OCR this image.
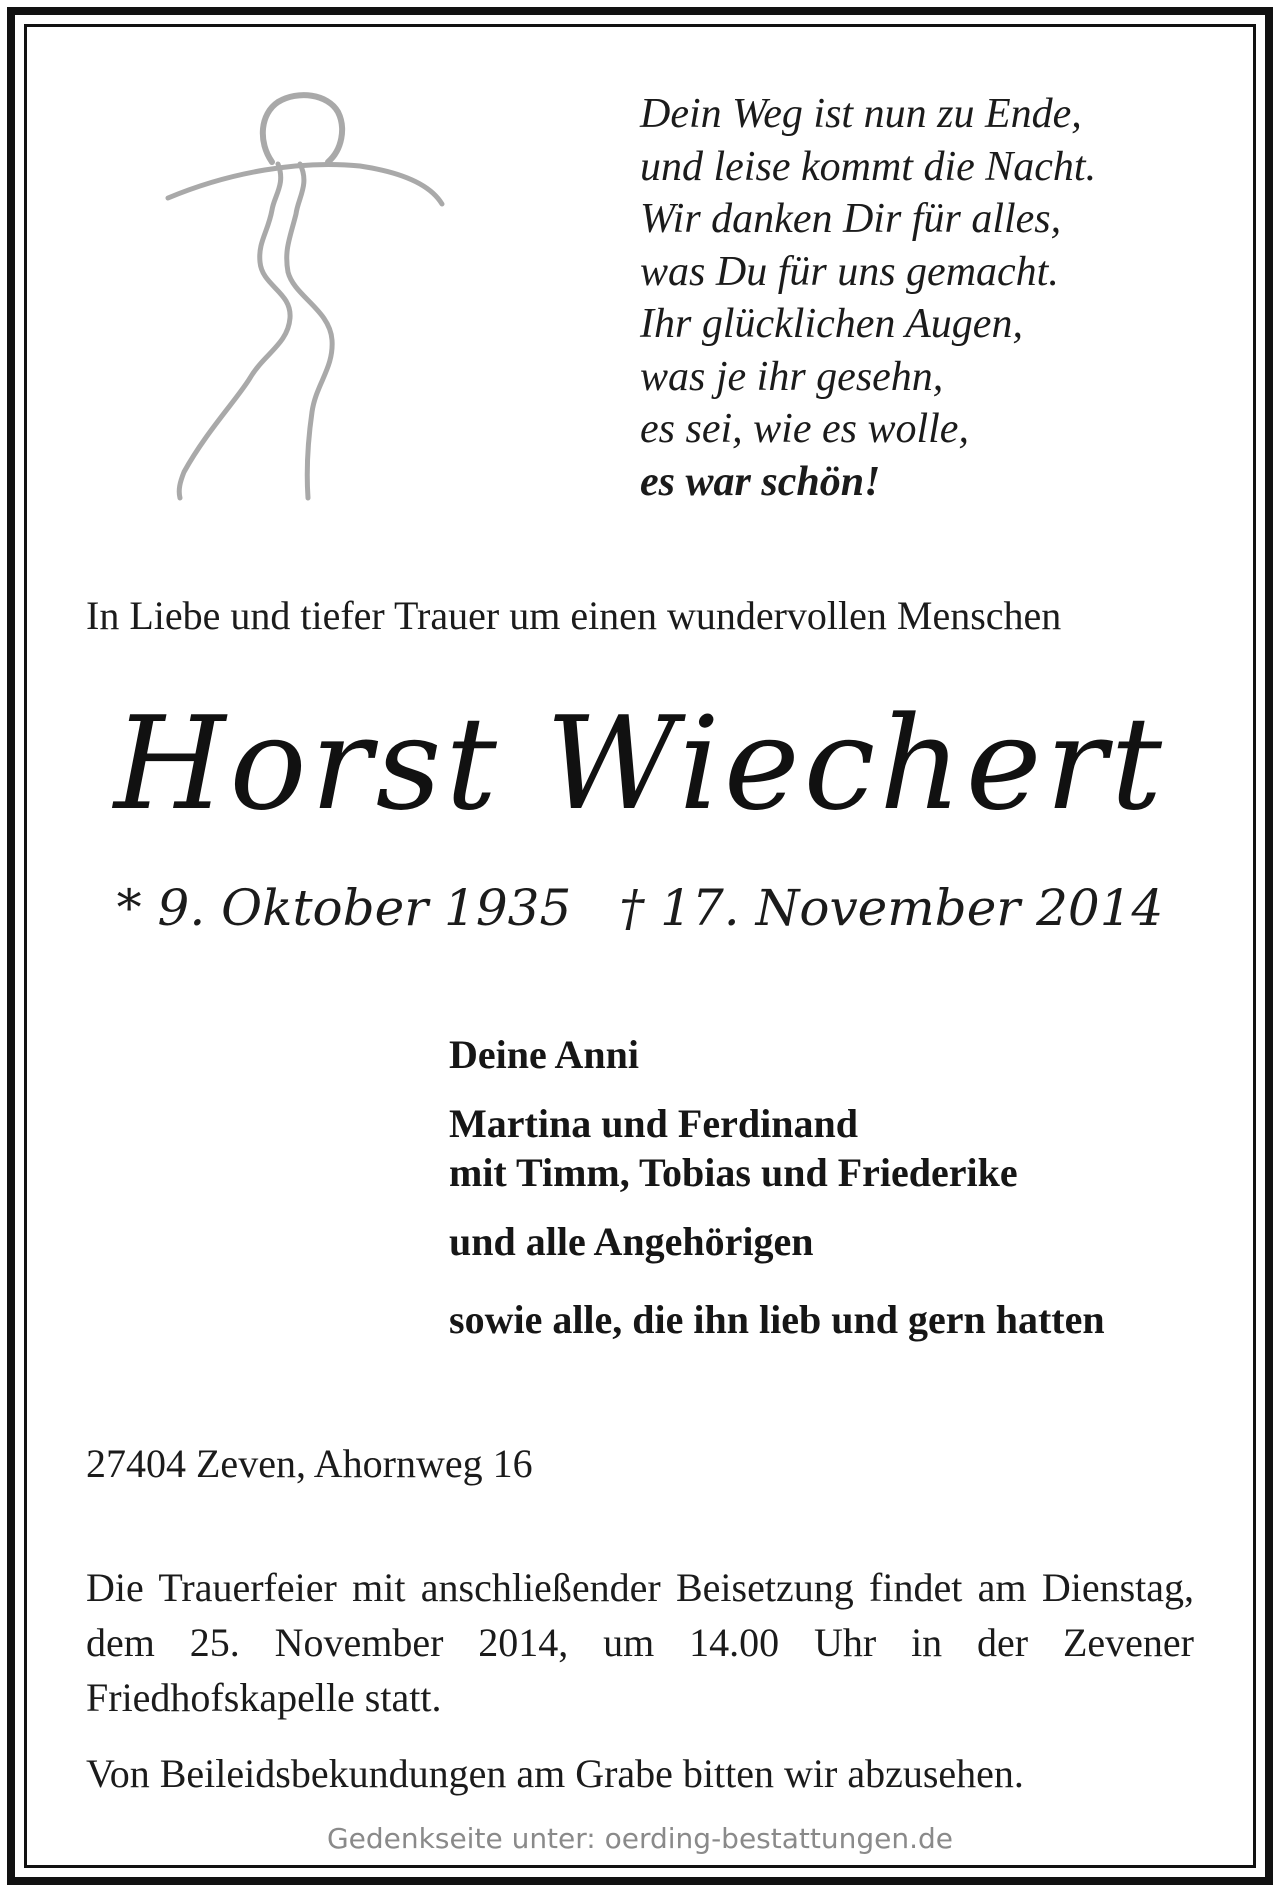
Dein Weg ist nun zu Ende,
und leise kommt die Nacht.
Wir danken Dir für alles,
was Du für uns gemacht.
Ihr glücklichen Augen,
was je ihr gesehn,
es sei, wie es wolle,
es war schön!
In Liebe und tiefer Trauer um einen wundervollen Menschen
Horst Wiechert
* 9. Oktober 1935 † 17. November 2014
Deine Anni
Martina und Ferdinand
mit Timm, Tobias und Friederike
und alle Angehörigen
sowie alle, die ihn lieb und gern hatten
27404 Zeven, Ahornweg 16
Die Trauerfeier mit anschließender Beisetzung findet am Dienstag, dem 25. November 2014, um 14.00 Uhr in der Zevener Friedhofskapelle statt.
Von Beileidsbekundungen am Grabe bitten wir abzusehen.
Gedenkseite unter: oerding-bestattungen.de
